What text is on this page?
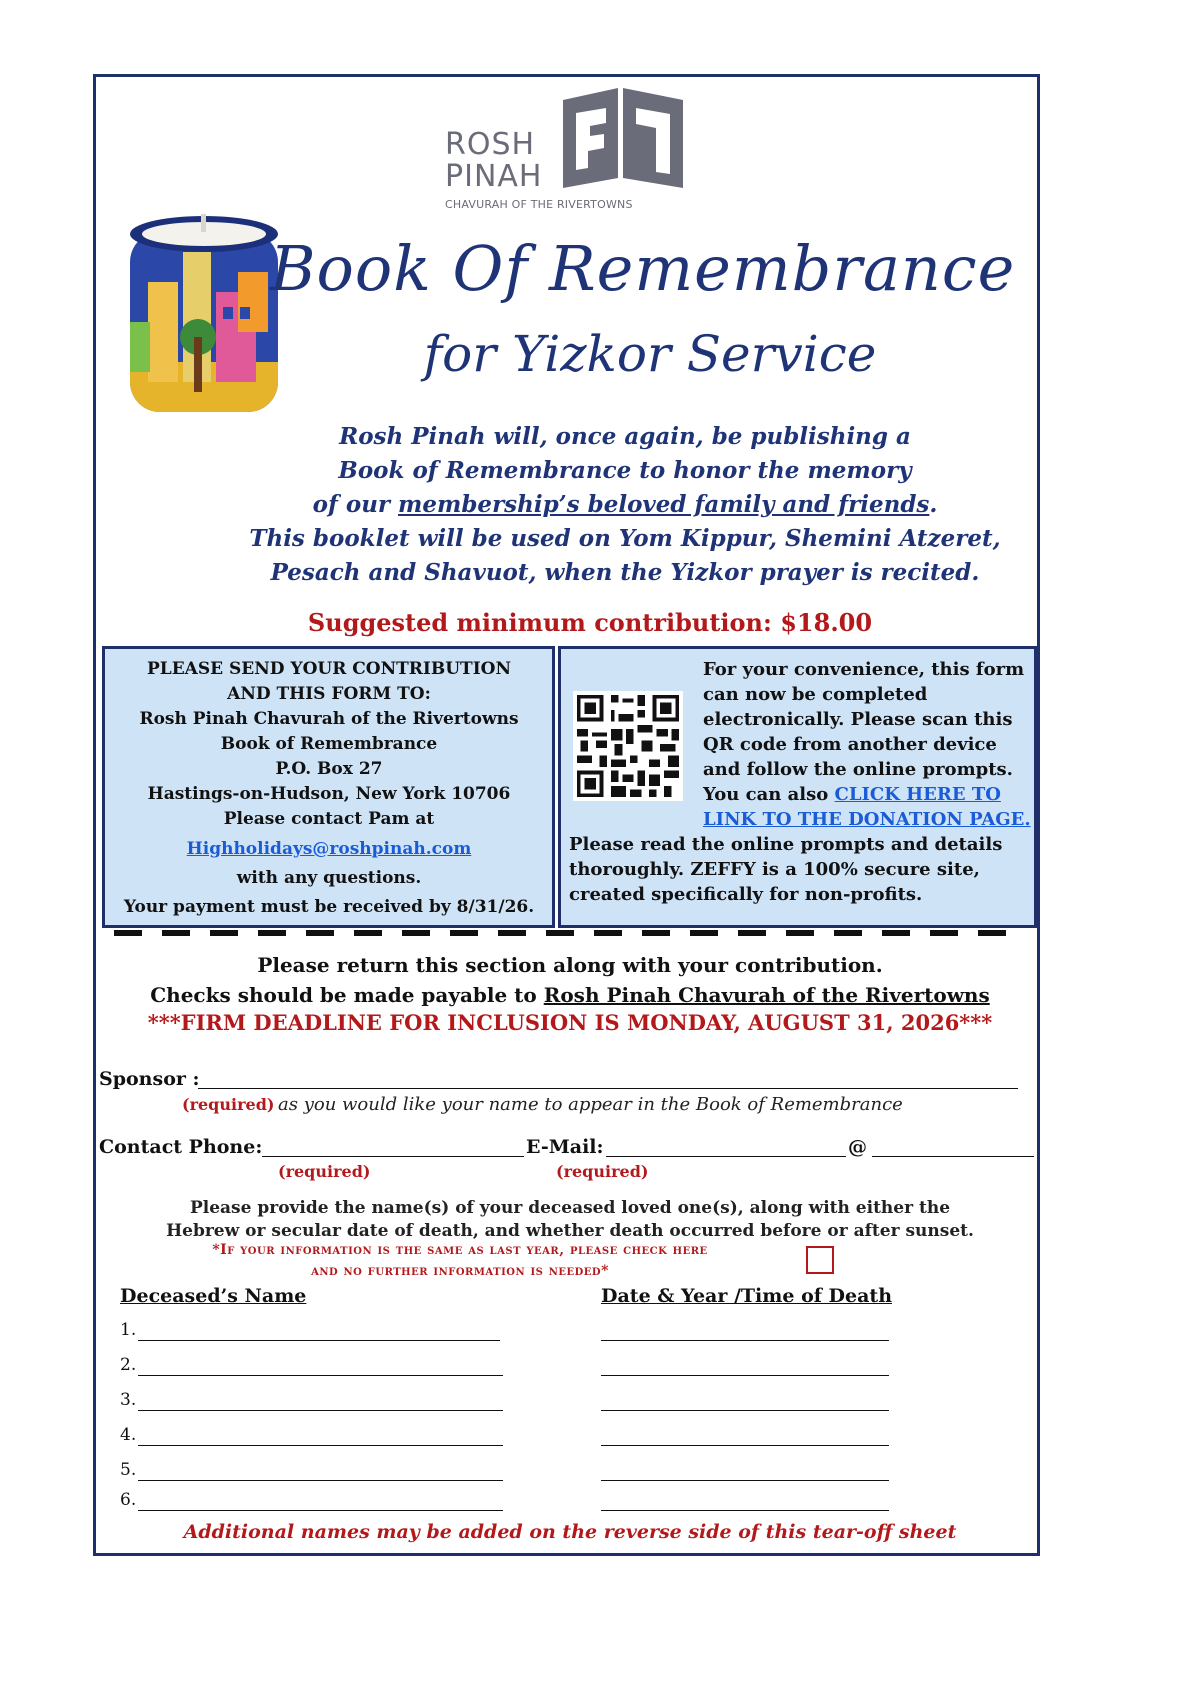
ROSH
PINAH
CHAVURAH OF THE RIVERTOWNS
Book Of Remembrance
for Yizkor Service
Rosh Pinah will, once again, be publishing a
Book of Remembrance to honor the memory
of our membership’s beloved family and friends.
This booklet will be used on Yom Kippur, Shemini Atzeret,
Pesach and Shavuot, when the Yizkor prayer is recited.
Suggested minimum contribution: $18.00
PLEASE SEND YOUR CONTRIBUTION
AND THIS FORM TO:
Rosh Pinah Chavurah of the Rivertowns
Book of Remembrance
P.O. Box 27
Hastings-on-Hudson, New York 10706
Please contact Pam at
Highholidays@roshpinah.com
with any questions.
Your payment must be received by 8/31/26.
For your convenience, this form can now be completed electronically. Please scan this QR code from another device and follow the online prompts. You can also CLICK HERE TO LINK TO THE DONATION PAGE.
Please read the online prompts and details thoroughly. ZEFFY is a 100% secure site, created specifically for non-profits.
Please return this section along with your contribution.
Checks should be made payable to Rosh Pinah Chavurah of the Rivertowns
***FIRM DEADLINE FOR INCLUSION IS MONDAY, AUGUST 31, 2026***
Sponsor :
(required) as you would like your name to appear in the Book of Remembrance
Contact Phone:	E-Mail:	@
(required)	(required)
Please provide the name(s) of your deceased loved one(s), along with either the
Hebrew or secular date of death, and whether death occurred before or after sunset.
*If your information is the same as last year, please check here
and no further information is needed*
Deceased’s Name	Date & Year /Time of Death
1.
2.
3.
4.
5.
6.
Additional names may be added on the reverse side of this tear-off sheet
